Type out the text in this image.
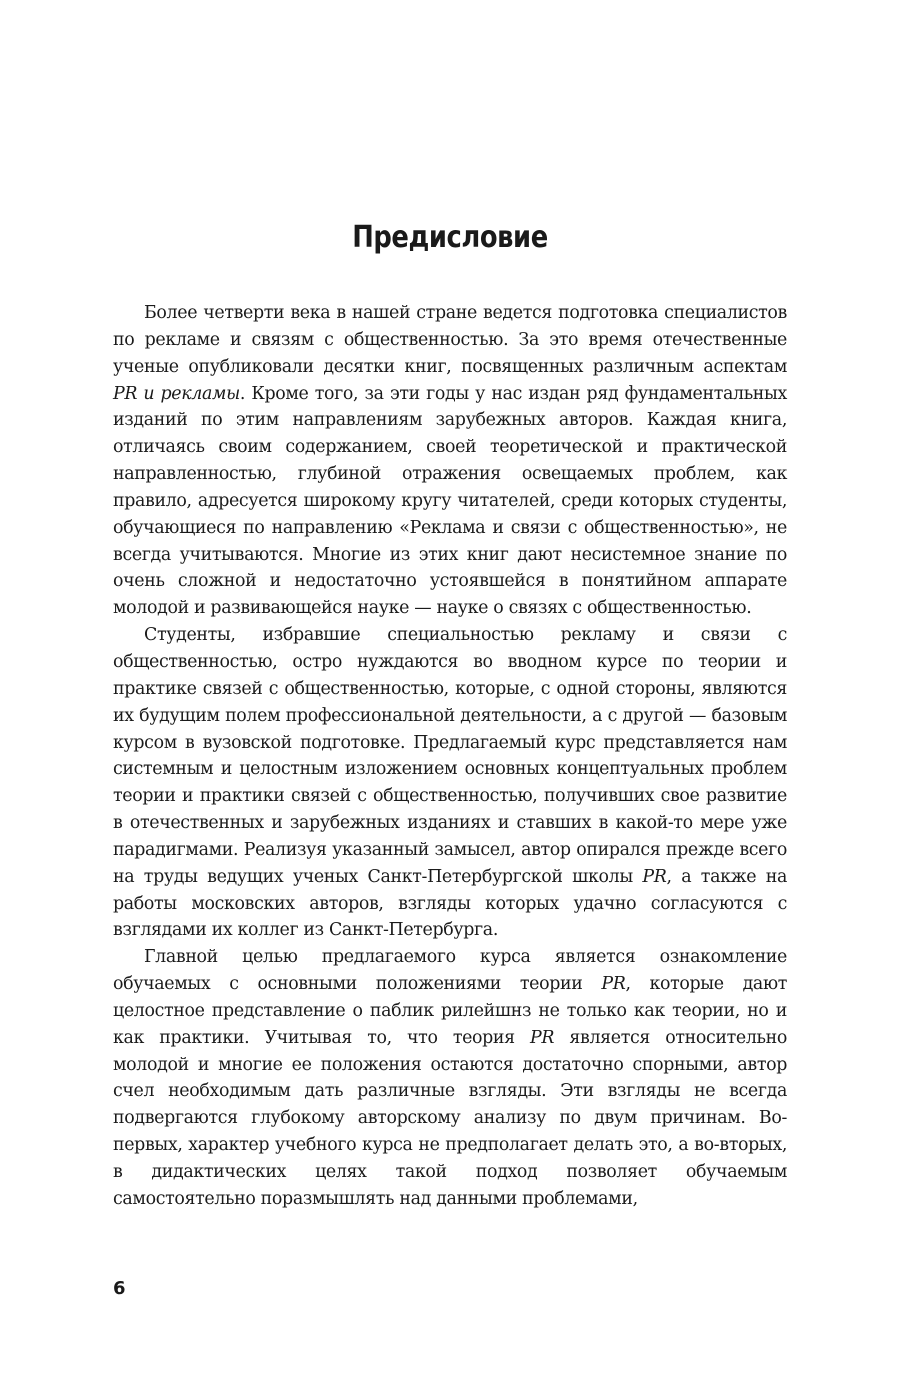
Предисловие

Более четверти века в нашей стране ведется подготовка специалистов по рекламе и связям с общественностью. За это время отечественные ученые опубликовали десятки книг, посвященных различным аспектам PR и рекламы. Кроме того, за эти годы у нас издан ряд фундаментальных изданий по этим направлениям зарубежных авторов. Каждая книга, отличаясь своим содержанием, своей теоретической и практической направленностью, глубиной отражения освещаемых проблем, как правило, адресуется широкому кругу читателей, среди которых студенты, обучающиеся по направлению «Реклама и связи с общественностью», не всегда учитываются. Многие из этих книг дают несистемное знание по очень сложной и недостаточно устоявшейся в понятийном аппарате молодой и развивающейся науке — науке о связях с общественностью.

Студенты, избравшие специальностью рекламу и связи с общественностью, остро нуждаются во вводном курсе по теории и практике связей с общественностью, которые, с одной стороны, являются их будущим полем профессиональной деятельности, а с другой — базовым курсом в вузовской подготовке. Предлагаемый курс представляется нам системным и целостным изложением основных концептуальных проблем теории и практики связей с общественностью, получивших свое развитие в отечественных и зарубежных изданиях и ставших в какой-то мере уже парадигмами. Реализуя указанный замысел, автор опирался прежде всего на труды ведущих ученых Санкт-Петербургской школы PR, а также на работы московских авторов, взгляды которых удачно согласуются с взглядами их коллег из Санкт-Петербурга.

Главной целью предлагаемого курса является ознакомление обучаемых с основными положениями теории PR, которые дают целостное представление о паблик рилейшнз не только как теории, но и как практики. Учитывая то, что теория PR является относительно молодой и многие ее положения остаются достаточно спорными, автор счел необходимым дать различные взгляды. Эти взгляды не всегда подвергаются глубокому авторскому анализу по двум причинам. Во-первых, характер учебного курса не предполагает делать это, а во-вторых, в дидактических целях такой подход позволяет обучаемым самостоятельно поразмышлять над данными проблемами,

6
